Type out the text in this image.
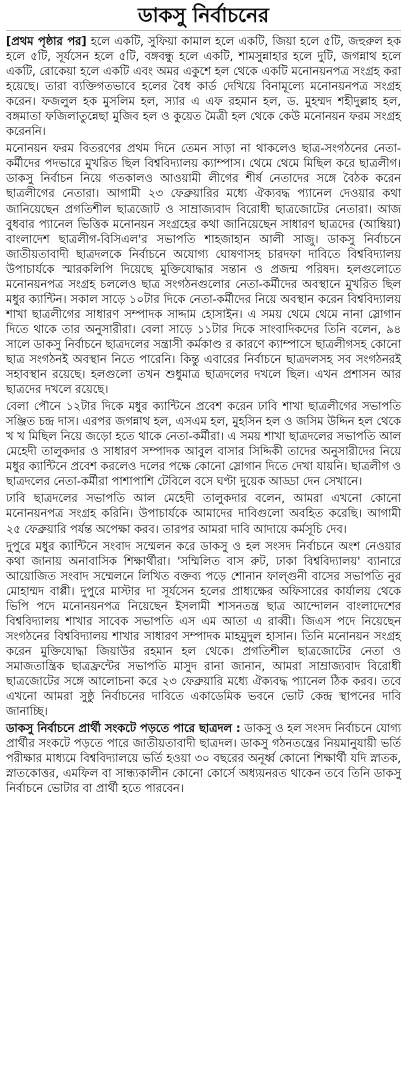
ডাকসু নির্বাচনের

[প্রথম পৃষ্ঠার পর] হলে একটি, সুফিয়া কামাল হলে একটি, জিয়া হলে ৫টি, জহুরুল হক হলে ৫টি, সূর্যসেন হলে ৫টি, বঙ্গবন্ধু হলে একটি, শামসুন্নাহার হলে দুটি, জগন্নাথ হলে একটি, রোকেয়া হলে একটি এবং অমর একুশে হল থেকে একটি মনোনয়নপত্র সংগ্রহ করা হয়েছে। তারা ব্যক্তিগতভাবে হলের বৈধ কার্ড দেখিয়ে বিনামূল্যে মনোনয়নপত্র সংগ্রহ করেন। ফজলুল হক মুসলিম হল, স্যার এ এফ রহমান হল, ড. মুহম্মদ শহীদুল্লাহ হল, বঙ্গমাতা ফজিলাতুন্নেছা মুজিব হল ও কুয়েত মৈত্রী হল থেকে কেউ মনোনয়ন ফরম সংগ্রহ করেননি।

মনোনয়ন ফরম বিতরণের প্রথম দিনে তেমন সাড়া না থাকলেও ছাত্র-সংগঠনের নেতা-কর্মীদের পদভারে মুখরিত ছিল বিশ্ববিদ্যালয় ক্যাম্পাস। থেমে থেমে মিছিল করে ছাত্রলীগ। ডাকসু নির্বাচন নিয়ে গতকালও আওয়ামী লীগের শীর্ষ নেতাদের সঙ্গে বৈঠক করেন ছাত্রলীগের নেতারা। আগামী ২৩ ফেব্রুয়ারির মধ্যে ঐক্যবদ্ধ প্যানেল দেওয়ার কথা জানিয়েছেন প্রগতিশীল ছাত্রজোট ও সাম্রাজ্যবাদ বিরোধী ছাত্রজোটের নেতারা। আজ বুধবার প্যানেল ভিত্তিক মনোনয়ন সংগ্রহের কথা জানিয়েছেন সাধারণ ছাত্রদের (আম্বিয়া) বাংলাদেশ ছাত্রলীগ-বিসিএল'র সভাপতি শাহজাহান আলী সাজু। ডাকসু নির্বাচনে জাতীয়তাবাদী ছাত্রদলকে নির্বাচনে অযোগ্য ঘোষণাসহ চারদফা দাবিতে বিশ্ববিদ্যালয় উপাচার্যকে স্মারকলিপি দিয়েছে মুক্তিযোদ্ধার সন্তান ও প্রজন্ম পরিষদ। হলগুলোতে মনোনয়নপত্র সংগ্রহ চললেও ছাত্র সংগঠনগুলোর নেতা-কর্মীদের অবস্থানে মুখরিত ছিল মধুর ক্যান্টিন। সকাল সাড়ে ১০টার দিকে নেতা-কর্মীদের নিয়ে অবস্থান করেন বিশ্ববিদ্যালয় শাখা ছাত্রলীগের সাধারণ সম্পাদক সাদ্দাম হোসাইন। এ সময় থেমে থেমে নানা স্লোগান দিতে থাকে তার অনুসারীরা। বেলা সাড়ে ১১টার দিকে সাংবাদিকদের তিনি বলেন, ৯৪ সালে ডাকসু নির্বাচনে ছাত্রদলের সন্ত্রাসী কর্মকাণ্ড র কারণে ক্যাম্পাসে ছাত্রলীগসহ কোনো ছাত্র সংগঠনই অবস্থান নিতে পারেনি। কিন্তু এবারের নির্বাচনে ছাত্রদলসহ সব সংগঠনরই সহাবস্থান রয়েছে। হলগুলো তখন শুধুমাত্র ছাত্রদলের দখলে ছিল। এখন প্রশাসন আর ছাত্রদের দখলে রয়েছে।

বেলা পৌনে ১২টার দিকে মধুর ক্যান্টিনে প্রবেশ করেন ঢাবি শাখা ছাত্রলীগের সভাপতি সঞ্জিত চন্দ্র দাস। এরপর জগন্নাথ হল, এসএম হল, মুহসিন হল ও জসিম উদ্দিন হল থেকে খ খ মিছিল নিয়ে জড়ো হতে থাকে নেতা-কর্মীরা। এ সময় শাখা ছাত্রদলের সভাপতি আল মেহেদী তালুকদার ও সাধারণ সম্পাদক আবুল বাসার সিদ্দিকী তাদের অনুসারীদের নিয়ে মধুর ক্যান্টিনে প্রবেশ করলেও দলের পক্ষে কোনো স্লোগান দিতে দেখা যায়নি। ছাত্রলীগ ও ছাত্রদলের নেতা-কর্মীরা পাশাপাশি টেবিলে বসে ঘণ্টা দুয়েক আড্ডা দেন সেখানে।

ঢাবি ছাত্রদলের সভাপতি আল মেহেদী তালুকদার বলেন, আমরা এখনো কোনো মনোনয়নপত্র সংগ্রহ করিনি। উপাচার্যকে আমাদের দাবিগুলো অবহিত করেছি। আগামী ২৫ ফেব্রুয়ারি পর্যন্ত অপেক্ষা করব। তারপর আমরা দাবি আদায়ে কর্মসূচি দেব।

দুপুরে মধুর ক্যান্টিনে সংবাদ সম্মেলন করে ডাকসু ও হল সংসদ নির্বাচনে অংশ নেওয়ার কথা জানায় অনাবাসিক শিক্ষার্থীরা। 'সম্মিলিত বাস রুট, ঢাকা বিশ্ববিদ্যালয়' ব্যানারে আয়োজিত সংবাদ সম্মেলনে লিখিত বক্তব্য পড়ে শোনান ফাল্গুনী বাসের সভাপতি নুর মোহাম্মদ বাপ্পী। দুপুরে মাস্টার দা সূর্যসেন হলের প্রাধ্যক্ষের অফিসারের কার্যালয় থেকে ভিপি পদে মনোনয়নপত্র নিয়েছেন ইসলামী শাসনতন্ত্র ছাত্র আন্দোলন বাংলাদেশের বিশ্ববিদ্যালয় শাখার সাবেক সভাপতি এস এম আতা এ রাব্বী। জিএস পদে নিয়েছেন সংগঠনের বিশ্ববিদ্যালয় শাখার সাধারণ সম্পাদক মাহমুদুল হাসান। তিনি মনোনয়ন সংগ্রহ করেন মুক্তিযোদ্ধা জিয়াউর রহমান হল থেকে। প্রগতিশীল ছাত্রজোটের নেতা ও সমাজতান্ত্রিক ছাত্রফ্রন্টের সভাপতি মাসুদ রানা জানান, আমরা সাম্রাজ্যবাদ বিরোধী ছাত্রজোটের সঙ্গে আলোচনা করে ২৩ ফেব্রুয়ারি মধ্যে ঐক্যবদ্ধ প্যানেল ঠিক করব। তবে এখনো আমরা সুষ্ঠু নির্বাচনের দাবিতে একাডেমিক ভবনে ভোট কেন্দ্র স্থাপনের দাবি জানাচ্ছি।

ডাকসু নির্বাচনে প্রার্থী সংকটে পড়তে পারে ছাত্রদল : ডাকসু ও হল সংসদ নির্বাচনে যোগ্য প্রার্থীর সংকটে পড়তে পারে জাতীয়তাবাদী ছাত্রদল। ডাকসু গঠনতন্ত্রের নিয়মানুযায়ী ভর্তি পরীক্ষার মাধ্যমে বিশ্ববিদ্যালয়ে ভর্তি হওয়া ৩০ বছরের অনূর্ধ্ব কোনো শিক্ষার্থী যদি স্নাতক, স্নাতকোত্তর, এমফিল বা সান্ধ্যকালীন কোনো কোর্সে অধ্যয়নরত থাকেন তবে তিনি ডাকসু নির্বাচনে ভোটার বা প্রার্থী হতে পারবেন।
